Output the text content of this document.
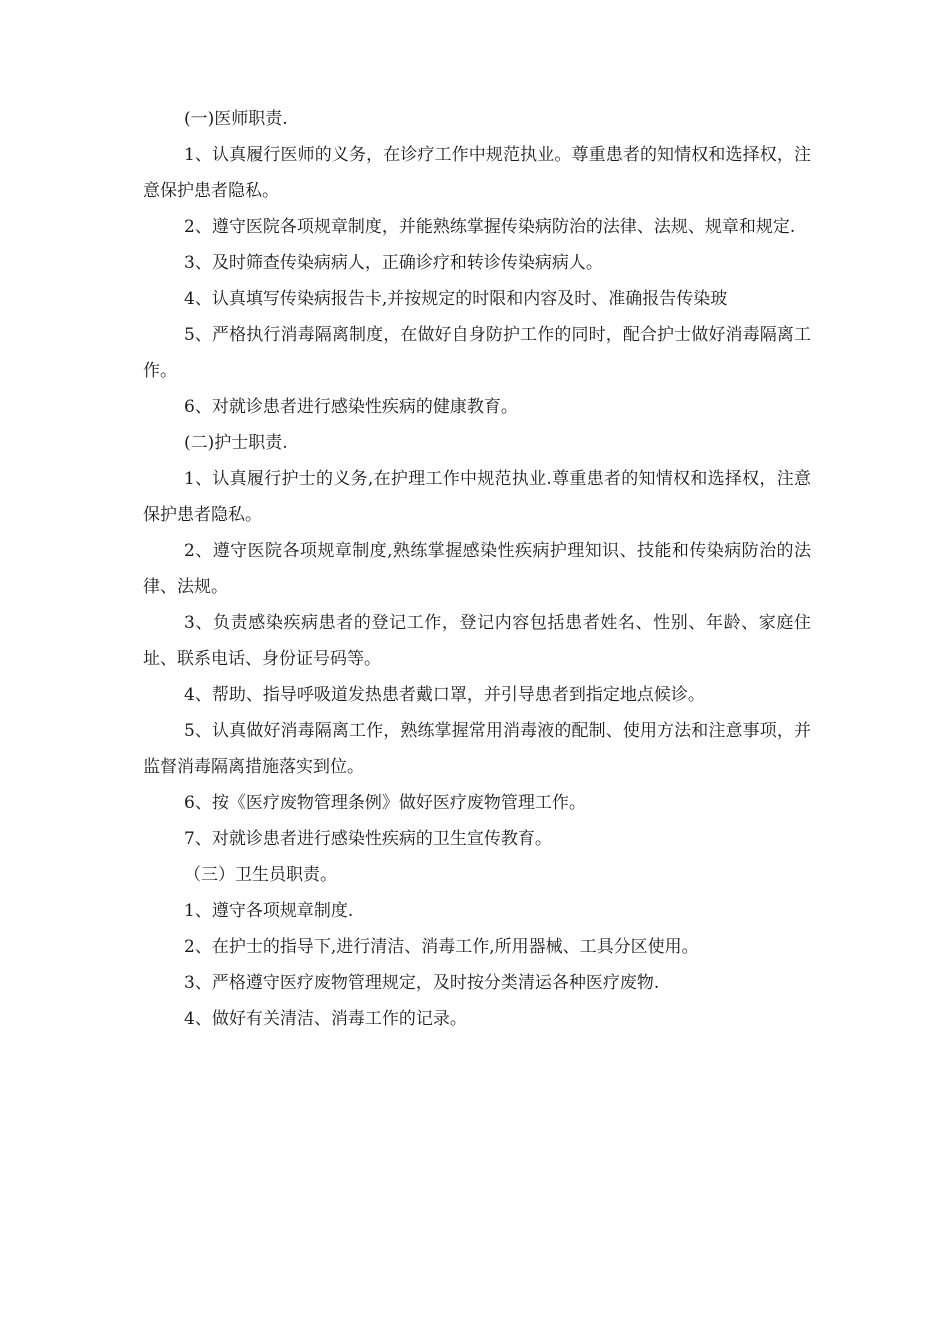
(一)医师职责.

1、认真履行医师的义务，在诊疗工作中规范执业。尊重患者的知情权和选择权，注意保护患者隐私。

2、遵守医院各项规章制度，并能熟练掌握传染病防治的法律、法规、规章和规定.

3、及时筛查传染病病人，正确诊疗和转诊传染病病人。

4、认真填写传染病报告卡,并按规定的时限和内容及时、准确报告传染玻

5、严格执行消毒隔离制度，在做好自身防护工作的同时，配合护士做好消毒隔离工作。

6、对就诊患者进行感染性疾病的健康教育。

(二)护士职责.

1、认真履行护士的义务,在护理工作中规范执业.尊重患者的知情权和选择权，注意保护患者隐私。

2、遵守医院各项规章制度,熟练掌握感染性疾病护理知识、技能和传染病防治的法律、法规。

3、负责感染疾病患者的登记工作，登记内容包括患者姓名、性别、年龄、家庭住址、联系电话、身份证号码等。

4、帮助、指导呼吸道发热患者戴口罩，并引导患者到指定地点候诊。

5、认真做好消毒隔离工作，熟练掌握常用消毒液的配制、使用方法和注意事项，并监督消毒隔离措施落实到位。

6、按《医疗废物管理条例》做好医疗废物管理工作。

7、对就诊患者进行感染性疾病的卫生宣传教育。

（三）卫生员职责。

1、遵守各项规章制度.

2、在护士的指导下,进行清洁、消毒工作,所用器械、工具分区使用。

3、严格遵守医疗废物管理规定，及时按分类清运各种医疗废物.

4、做好有关清洁、消毒工作的记录。
